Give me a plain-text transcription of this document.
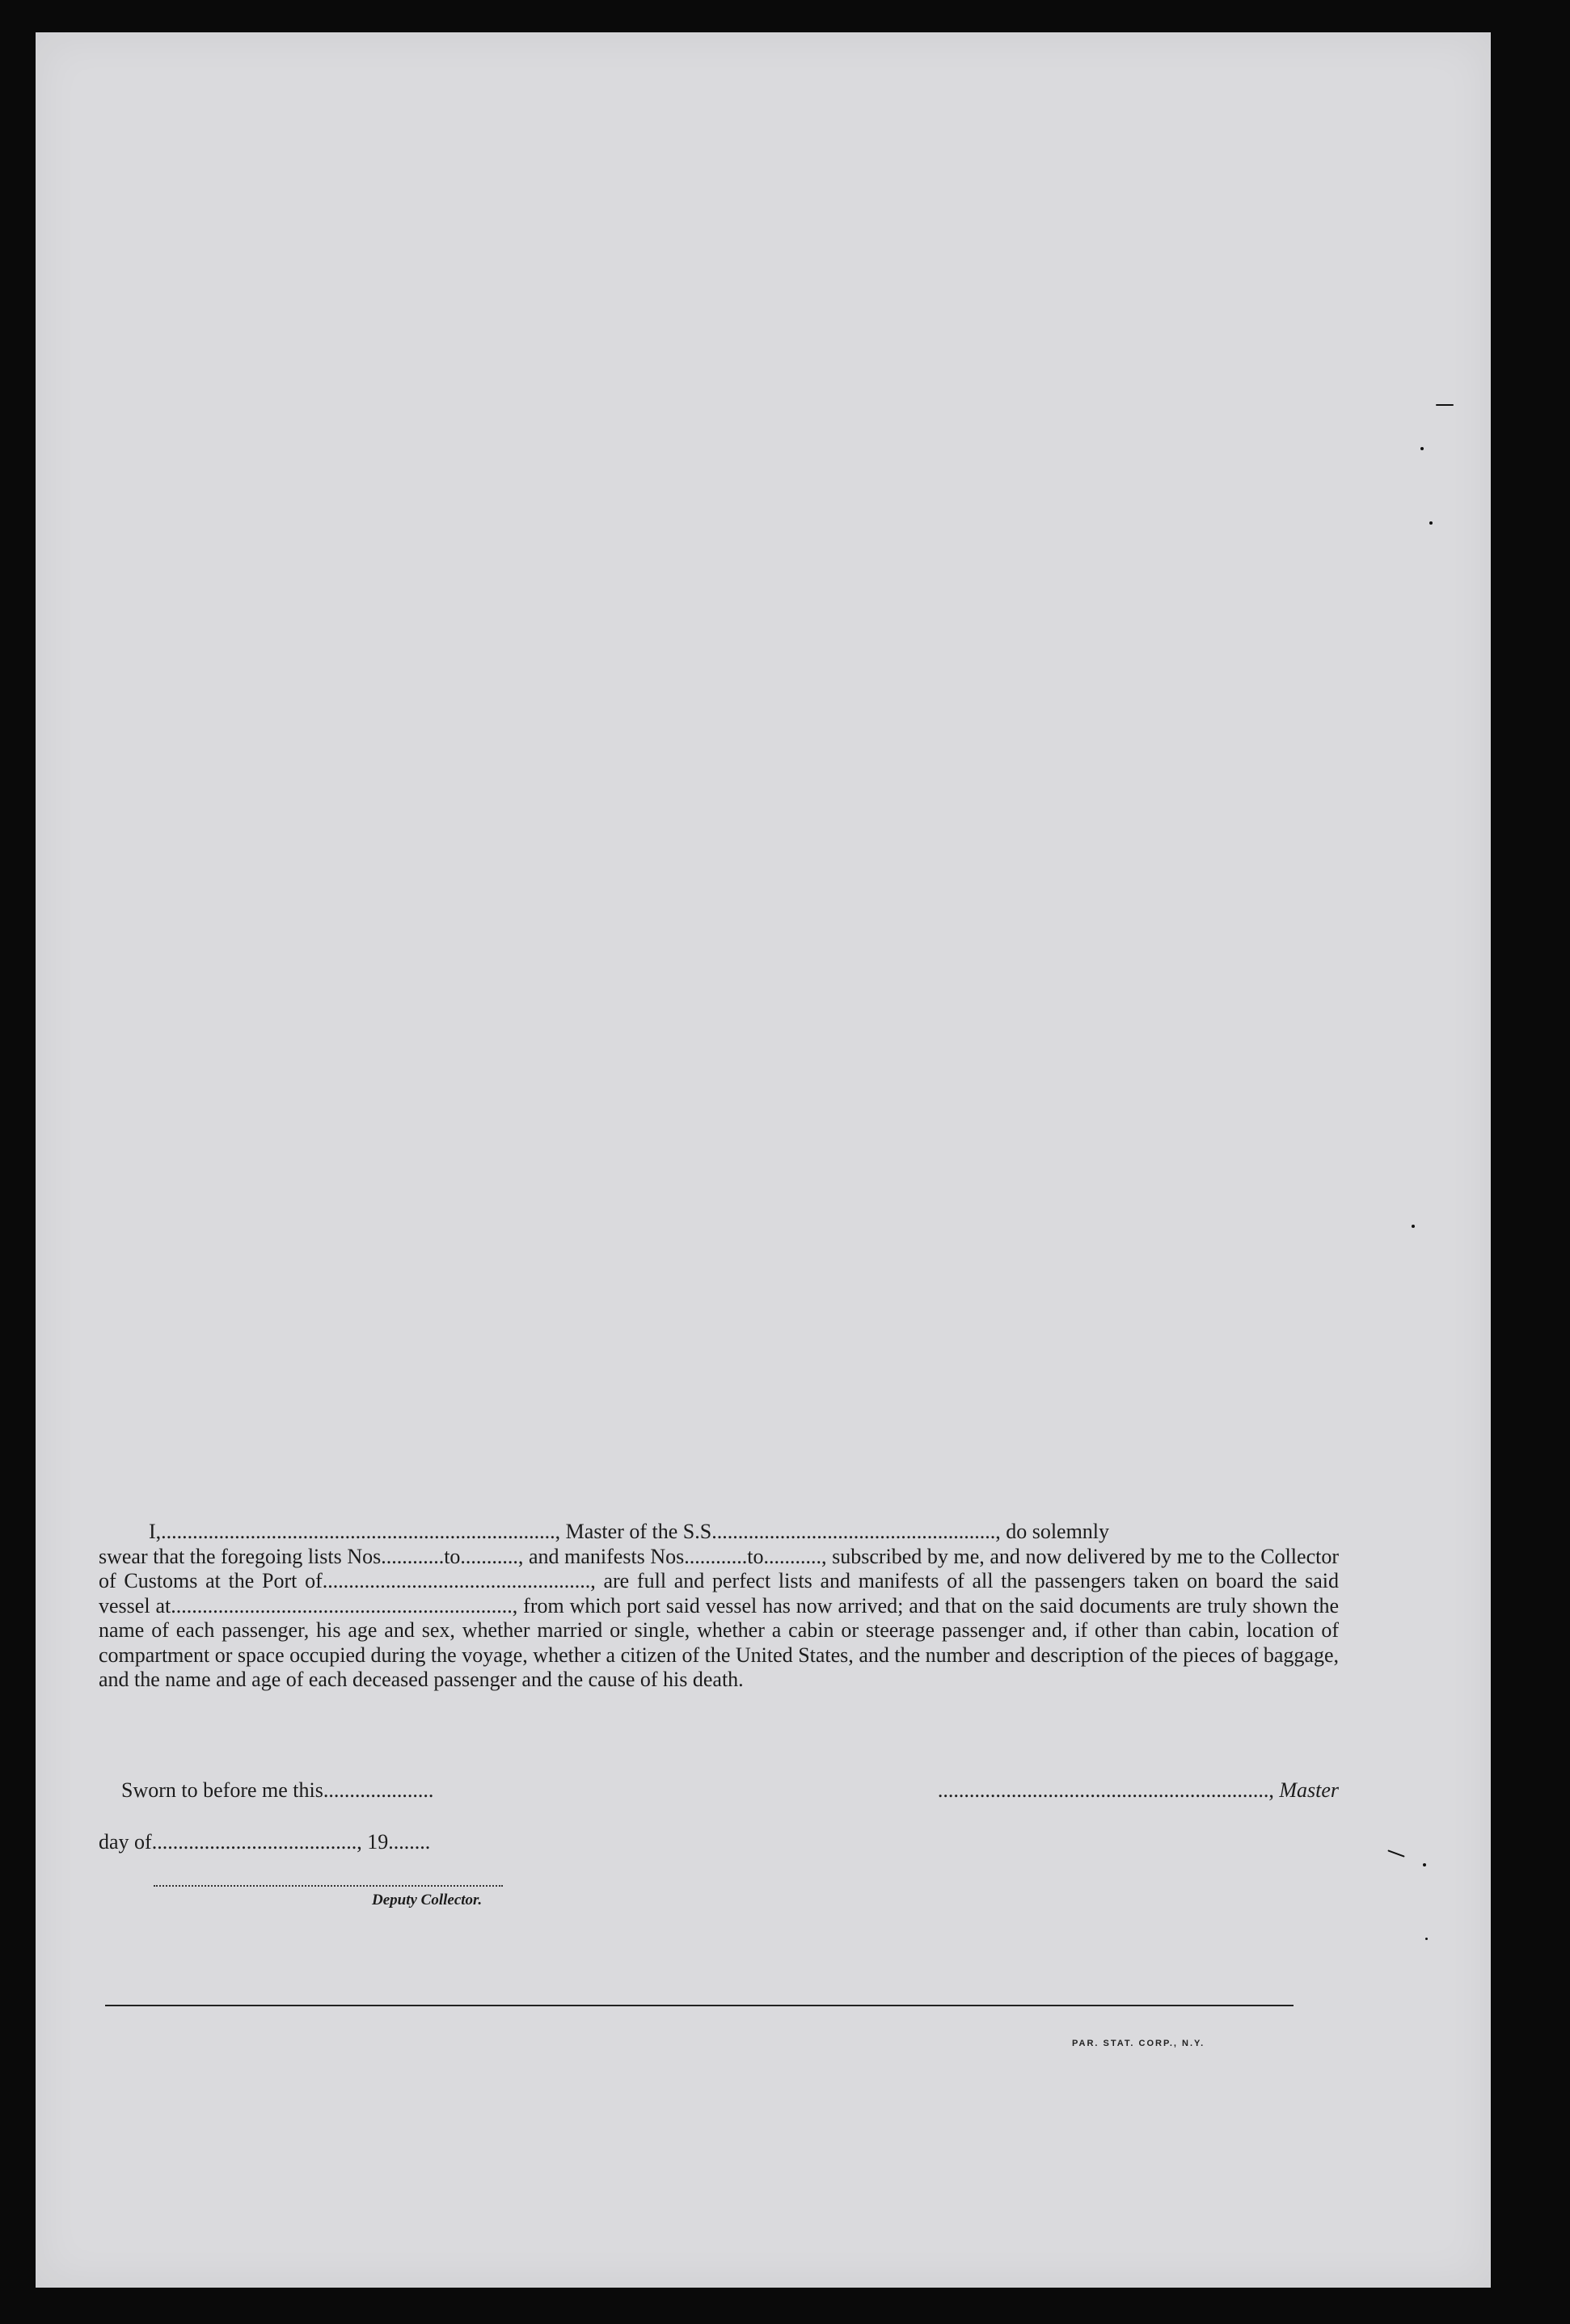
I,..........................................................................., Master of the S.S......................................................, do solemnly
swear that the foregoing lists Nos............to..........., and manifests Nos............to..........., subscribed by me, and now delivered by me to the Collector of Customs at the Port of..................................................., are full and perfect lists and manifests of all the passengers taken on board the said vessel at................................................................., from which port said vessel has now arrived; and that on the said documents are truly shown the name of each passenger, his age and sex, whether married or single, whether a cabin or steerage passenger and, if other than cabin, location of compartment or space occupied during the voyage, whether a citizen of the United States, and the number and description of the pieces of baggage, and the name and age of each deceased passenger and the cause of his death.
Sworn to before me this.....................	..............................................................., Master
day of......................................., 19........
Deputy Collector.
PAR. STAT. CORP., N.Y.
